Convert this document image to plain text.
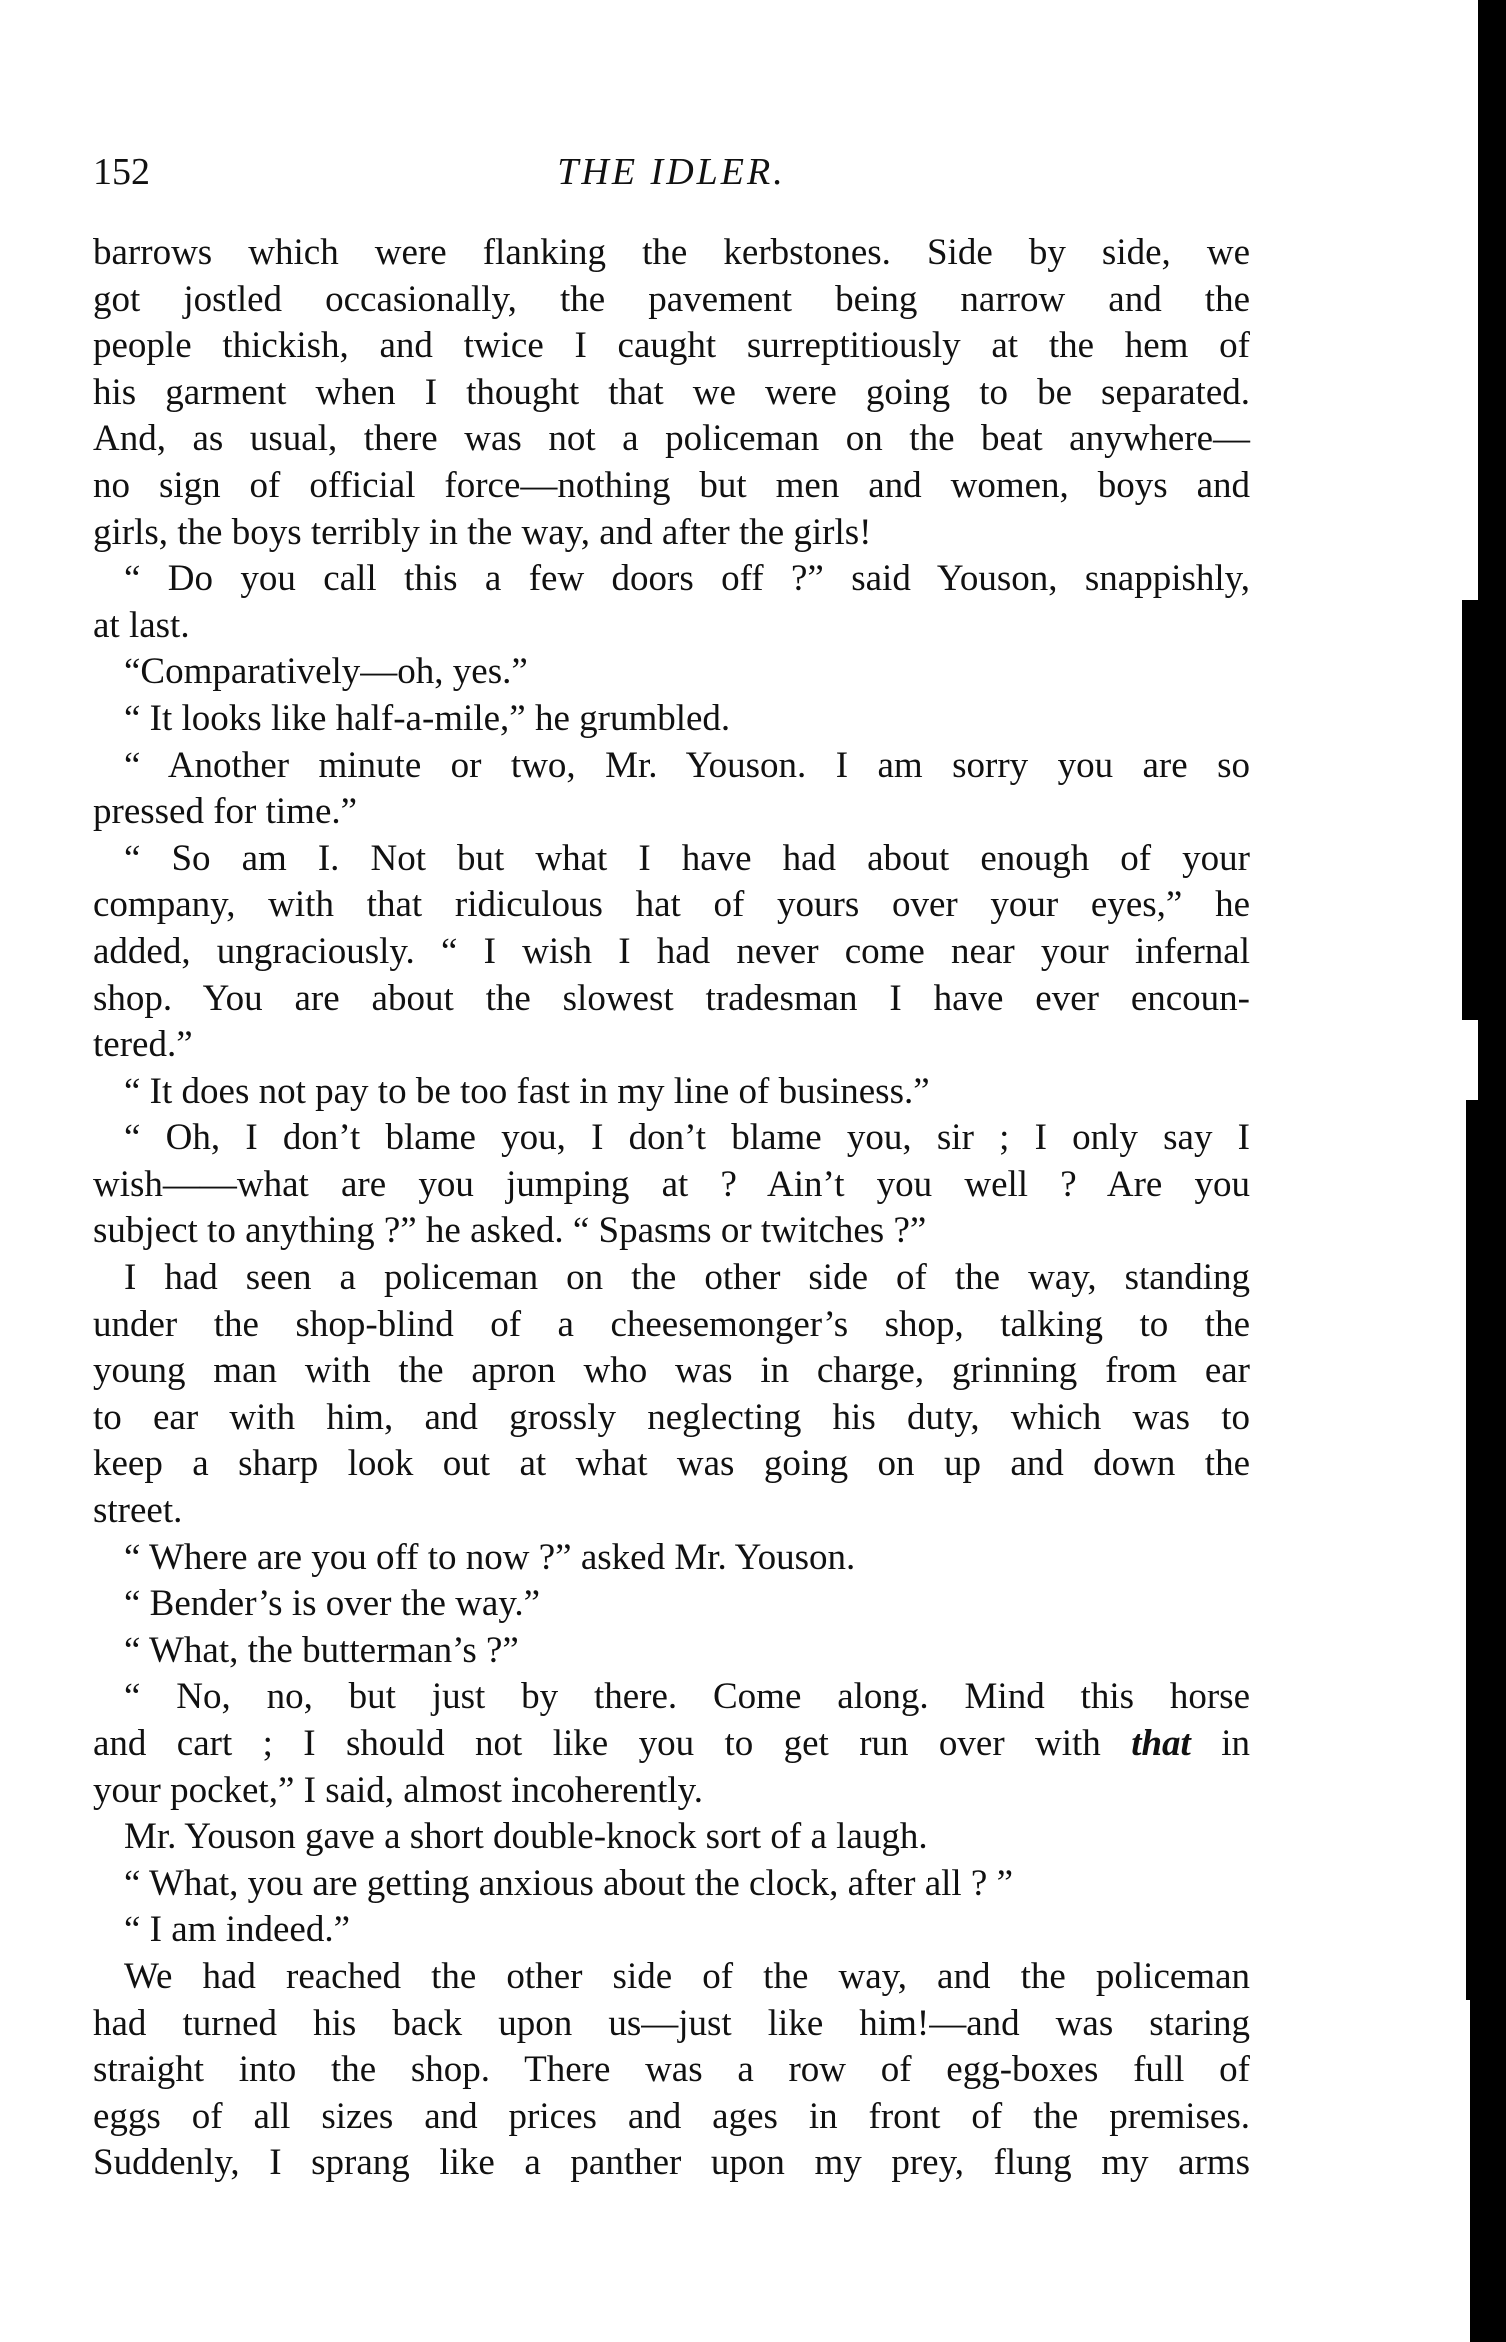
152	THE IDLER.
barrows which were flanking the kerbstones. Side by side, we
got jostled occasionally, the pavement being narrow and the
people thickish, and twice I caught surreptitiously at the hem of
his garment when I thought that we were going to be separated.
And, as usual, there was not a policeman on the beat anywhere—
no sign of official force—nothing but men and women, boys and
girls, the boys terribly in the way, and after the girls!
“ Do you call this a few doors off ?” said Youson, snappishly,
at last.
“Comparatively—oh, yes.”
“ It looks like half-a-mile,” he grumbled.
“ Another minute or two, Mr. Youson. I am sorry you are so
pressed for time.”
“ So am I. Not but what I have had about enough of your
company, with that ridiculous hat of yours over your eyes,” he
added, ungraciously. “ I wish I had never come near your infernal
shop. You are about the slowest tradesman I have ever encoun-
tered.”
“ It does not pay to be too fast in my line of business.”
“ Oh, I don’t blame you, I don’t blame you, sir ; I only say I
wish——what are you jumping at ? Ain’t you well ? Are you
subject to anything ?” he asked. “ Spasms or twitches ?”
I had seen a policeman on the other side of the way, standing
under the shop-blind of a cheesemonger’s shop, talking to the
young man with the apron who was in charge, grinning from ear
to ear with him, and grossly neglecting his duty, which was to
keep a sharp look out at what was going on up and down the
street.
“ Where are you off to now ?” asked Mr. Youson.
“ Bender’s is over the way.”
“ What, the butterman’s ?”
“ No, no, but just by there. Come along. Mind this horse
and cart ; I should not like you to get run over with that in
your pocket,” I said, almost incoherently.
Mr. Youson gave a short double-knock sort of a laugh.
“ What, you are getting anxious about the clock, after all ? ”
“ I am indeed.”
We had reached the other side of the way, and the policeman
had turned his back upon us—just like him!—and was staring
straight into the shop. There was a row of egg-boxes full of
eggs of all sizes and prices and ages in front of the premises.
Suddenly, I sprang like a panther upon my prey, flung my arms
